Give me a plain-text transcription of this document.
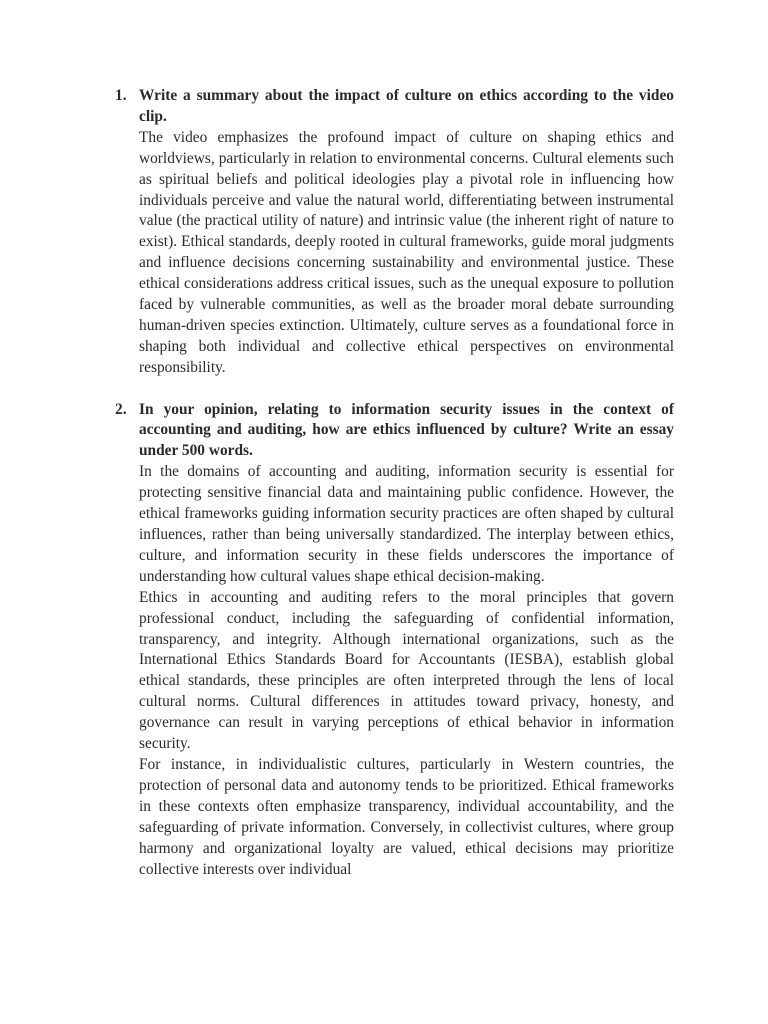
1. Write a summary about the impact of culture on ethics according to the video clip.

The video emphasizes the profound impact of culture on shaping ethics and worldviews, particularly in relation to environmental concerns. Cultural elements such as spiritual beliefs and political ideologies play a pivotal role in influencing how individuals perceive and value the natural world, differentiating between instrumental value (the practical utility of nature) and intrinsic value (the inherent right of nature to exist). Ethical standards, deeply rooted in cultural frameworks, guide moral judgments and influence decisions concerning sustainability and environmental justice. These ethical considerations address critical issues, such as the unequal exposure to pollution faced by vulnerable communities, as well as the broader moral debate surrounding human-driven species extinction. Ultimately, culture serves as a foundational force in shaping both individual and collective ethical perspectives on environmental responsibility.

2. In your opinion, relating to information security issues in the context of accounting and auditing, how are ethics influenced by culture? Write an essay under 500 words.

In the domains of accounting and auditing, information security is essential for protecting sensitive financial data and maintaining public confidence. However, the ethical frameworks guiding information security practices are often shaped by cultural influences, rather than being universally standardized. The interplay between ethics, culture, and information security in these fields underscores the importance of understanding how cultural values shape ethical decision-making.

Ethics in accounting and auditing refers to the moral principles that govern professional conduct, including the safeguarding of confidential information, transparency, and integrity. Although international organizations, such as the International Ethics Standards Board for Accountants (IESBA), establish global ethical standards, these principles are often interpreted through the lens of local cultural norms. Cultural differences in attitudes toward privacy, honesty, and governance can result in varying perceptions of ethical behavior in information security.

For instance, in individualistic cultures, particularly in Western countries, the protection of personal data and autonomy tends to be prioritized. Ethical frameworks in these contexts often emphasize transparency, individual accountability, and the safeguarding of private information. Conversely, in collectivist cultures, where group harmony and organizational loyalty are valued, ethical decisions may prioritize collective interests over individual
